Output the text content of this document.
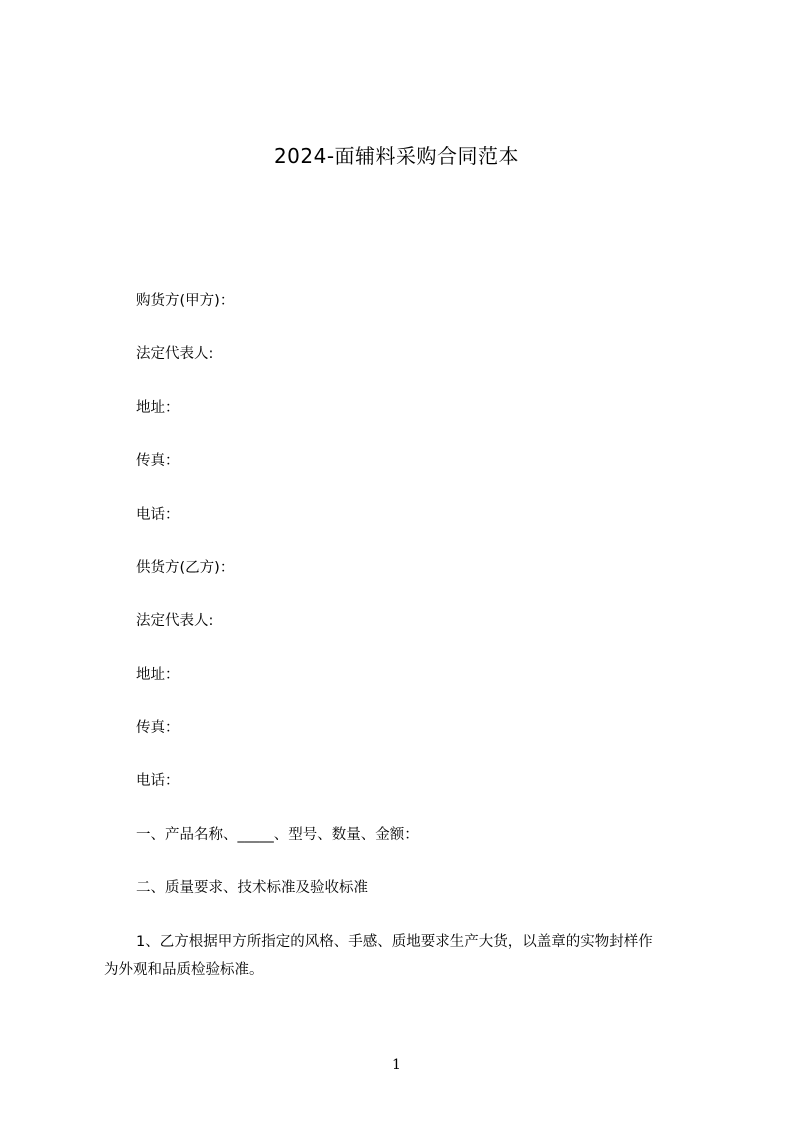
2024-面辅料采购合同范本
购货方(甲方)：
法定代表人:
地址：
传真：
电话：
供货方(乙方)：
法定代表人:
地址：
传真：
电话：
一、产品名称、_____、型号、数量、金额：
二、质量要求、技术标准及验收标准
1、乙方根据甲方所指定的风格、手感、质地要求生产大货，以盖章的实物封样作
为外观和品质检验标准。
1
